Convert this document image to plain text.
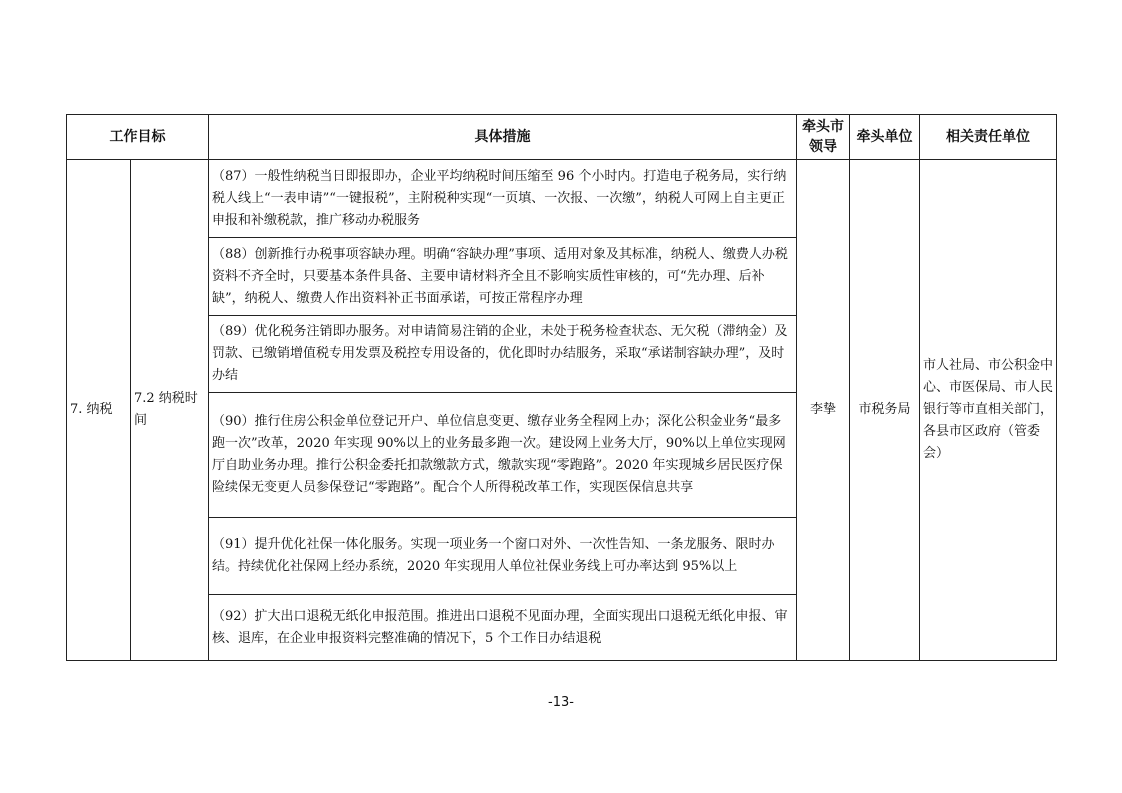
工作目标		具体措施	牵头市领导	牵头单位	相关责任单位
7. 纳税	7.2 纳税时间	（87）一般性纳税当日即报即办，企业平均纳税时间压缩至 96 个小时内。打造电子税务局，实行纳税人线上“一表申请”“一键报税”，主附税种实现“一页填、一次报、一次缴”，纳税人可网上自主更正申报和补缴税款，推广移动办税服务	李挚	市税务局	市人社局、市公积金中心、市医保局、市人民银行等市直相关部门，各县市区政府（管委会）
		（88）创新推行办税事项容缺办理。明确“容缺办理”事项、适用对象及其标准，纳税人、缴费人办税资料不齐全时，只要基本条件具备、主要申请材料齐全且不影响实质性审核的，可“先办理、后补缺”，纳税人、缴费人作出资料补正书面承诺，可按正常程序办理			
		（89）优化税务注销即办服务。对申请简易注销的企业，未处于税务检查状态、无欠税（滞纳金）及罚款、已缴销增值税专用发票及税控专用设备的，优化即时办结服务，采取“承诺制容缺办理”，及时办结			
		（90）推行住房公积金单位登记开户、单位信息变更、缴存业务全程网上办；深化公积金业务“最多跑一次”改革，2020 年实现 90%以上的业务最多跑一次。建设网上业务大厅，90%以上单位实现网厅自助业务办理。推行公积金委托扣款缴款方式，缴款实现“零跑路”。2020 年实现城乡居民医疗保险续保无变更人员参保登记“零跑路”。配合个人所得税改革工作，实现医保信息共享			
		（91）提升优化社保一体化服务。实现一项业务一个窗口对外、一次性告知、一条龙服务、限时办结。持续优化社保网上经办系统，2020 年实现用人单位社保业务线上可办率达到 95%以上			
		（92）扩大出口退税无纸化申报范围。推进出口退税不见面办理，全面实现出口退税无纸化申报、审核、退库，在企业申报资料完整准确的情况下，5 个工作日办结退税			
-13-
